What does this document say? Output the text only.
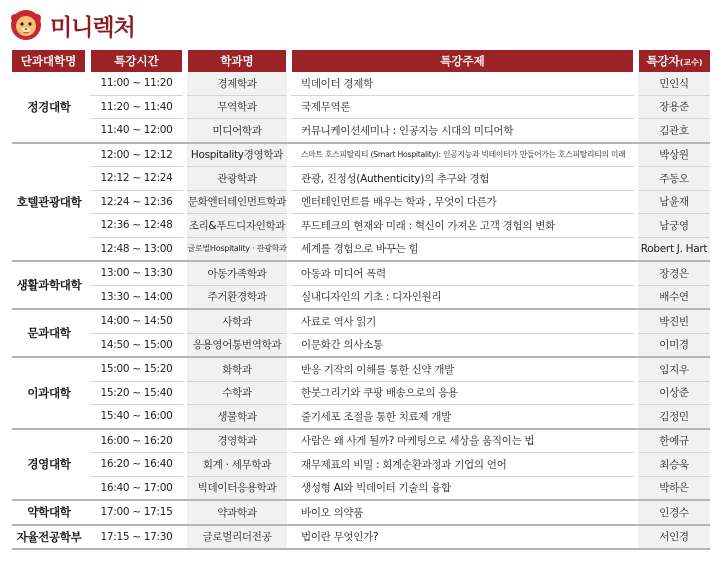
미니렉처
단과대학명		특강시간		학과명		특강주제		특강자(교수)
정경대학		11:00 ~ 11:20		경제학과		빅데이터 경제학		민인식
		11:20 ~ 11:40		무역학과		국제무역론		장용준
		11:40 ~ 12:00		미디어학과		커뮤니케이션세미나 : 인공지능 시대의 미디어학		김관호
호텔관광대학		12:00 ~ 12:12		Hospitality경영학과		스마트 호스피탈리티 (Smart Hospitality): 인공지능과 빅데이터가 만들어가는 호스피탈리티의 미래		박상원
		12:12 ~ 12:24		관광학과		관광, 진정성(Authenticity)의 추구와 경험		주동오
		12:24 ~ 12:36		문화엔터테인먼트학과		엔터테인먼트를 배우는 학과 , 무엇이 다른가		남윤재
		12:36 ~ 12:48		조리&푸드디자인학과		푸드테크의 현재와 미래 : 혁신이 가져온 고객 경험의 변화		남궁영
		12:48 ~ 13:00		글로벌Hospitality · 관광학과		세계를 경험으로 바꾸는 힘		Robert J. Hart
생활과학대학		13:00 ~ 13:30		아동가족학과		아동과 미디어 폭력		장경은
		13:30 ~ 14:00		주거환경학과		실내디자인의 기초 : 디자인원리		배수연
문과대학		14:00 ~ 14:50		사학과		사료로 역사 읽기		박진빈
		14:50 ~ 15:00		응용영어통번역학과		이문화간 의사소통		이미경
이과대학		15:00 ~ 15:20		화학과		반응 기작의 이해를 통한 신약 개발		임지우
		15:20 ~ 15:40		수학과		한붓그리기와 쿠팡 배송으로의 응용		이상준
		15:40 ~ 16:00		생물학과		줄기세포 조절을 통한 치료제 개발		김정민
경영대학		16:00 ~ 16:20		경영학과		사람은 왜 사게 될까? 마케팅으로 세상을 움직이는 법		한예규
		16:20 ~ 16:40		회계 · 세무학과		재무제표의 비밀 : 회계순환과정과 기업의 언어		최승욱
		16:40 ~ 17:00		빅데이터응용학과		생성형 AI와 빅데이터 기술의 융합		박하은
약학대학		17:00 ~ 17:15		약과학과		바이오 의약품		인경수
자율전공학부		17:15 ~ 17:30		글로벌리더전공		법이란 무엇인가?		서인경
